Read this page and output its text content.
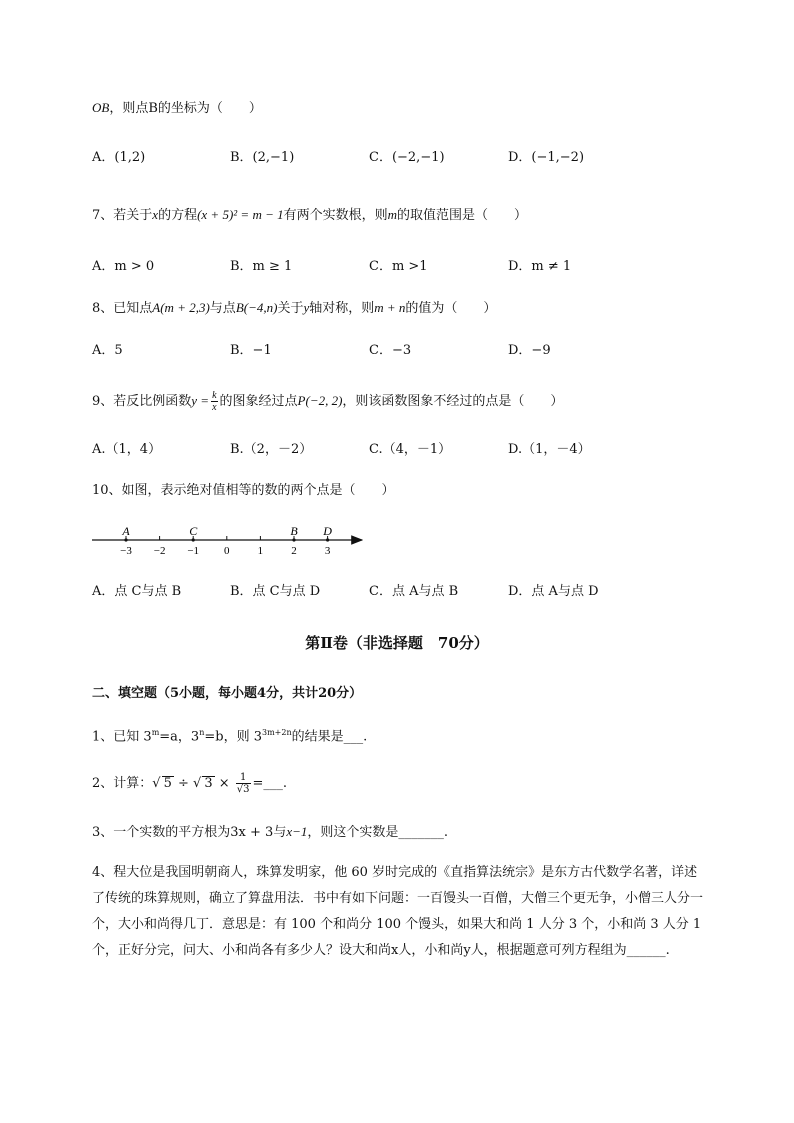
OB，则点B的坐标为（　　）
A．(1,2)	B．(2,−1)	C．(−2,−1)	D．(−1,−2)
7、若关于x的方程(x + 5)² = m − 1有两个实数根，则m的取值范围是（　　）
A．m > 0	B．m ≥ 1	C．m >1	D．m ≠ 1
8、已知点A(m + 2,3)与点B(−4,n)关于y轴对称，则m + n的值为（　　）
A．5	B．−1	C．−3	D．−9
9、若反比例函数$y = \frac{k}{x}$ 的图象经过点P(−2, 2)，则该函数图象不经过的点是（　　）
A.（1，4）	B.（2，－2）	C.（4，－1）	D.（1，－4）
10、如图，表示绝对值相等的数的两个点是（　　）
−3 −2 −1 0	1	2	3
A	C	B D
A．点 C与点 B	B．点 C与点 D	C．点 A与点 B	D．点 A与点 D
第Ⅱ卷（非选择题　70分）
二、填空题（5小题，每小题4分，共计20分）
1、已知 $3^m=a$，$3^n=b$，则 $3^{3m+2n}$的结果是___.
2、计算：√ 5 ÷ √ $3 \times \frac{1}{√3}$ =___.
3、一个实数的平方根为3x + 3与x−1，则这个实数是_______.
4、程大位是我国明朝商人，珠算发明家，他 60 岁时完成的《直指算法统宗》是东方古代数学名著，详述了传统的珠算规则，确立了算盘用法．书中有如下问题：一百馒头一百僧，大僧三个更无争，小僧三人分一个，大小和尚得几丁．意思是：有 100 个和尚分 100 个馒头，如果大和尚 1 人分 3 个，小和尚 3 人分 1 个，正好分完，问大、小和尚各有多少人？设大和尚x人，小和尚y人，根据题意可列方程组为______.
